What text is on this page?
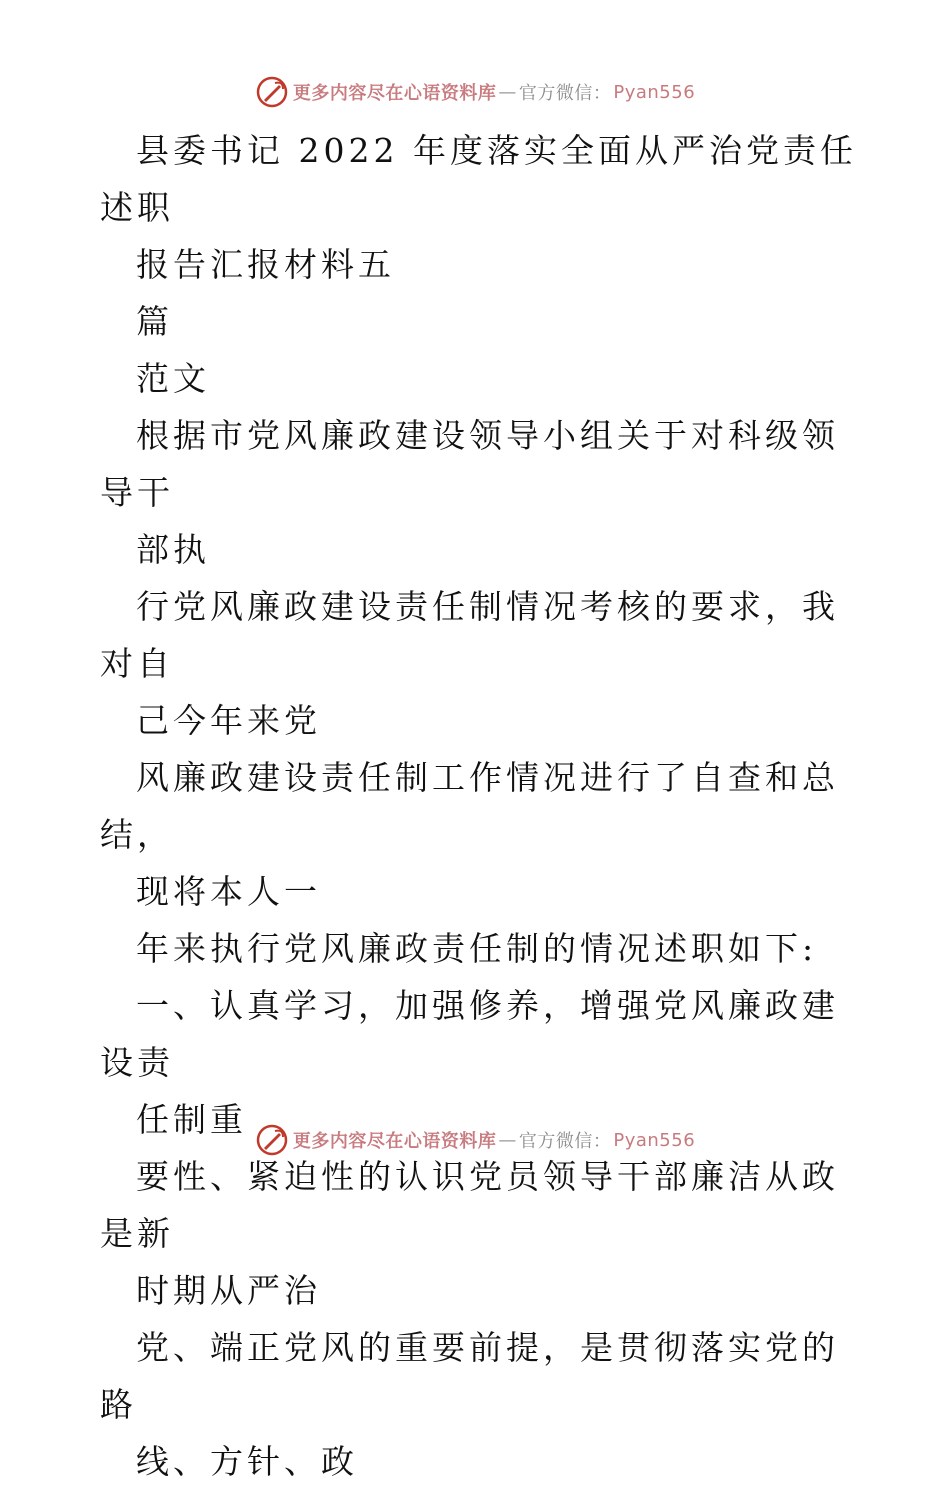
更多内容尽在心语资料库 — 官方微信： Pyan556

县委书记 2022 年度落实全面从严治党责任述职

报告汇报材料五

篇

范文

根据市党风廉政建设领导小组关于对科级领导干

部执

行党风廉政建设责任制情况考核的要求，我对自

己今年来党

风廉政建设责任制工作情况进行了自查和总结，

现将本人一

年来执行党风廉政责任制的情况述职如下:

一、认真学习，加强修养，增强党风廉政建设责

任制重

要性、紧迫性的认识党员领导干部廉洁从政是新

时期从严治

党、端正党风的重要前提，是贯彻落实党的路

线、方针、政

更多内容尽在心语资料库 — 官方微信： Pyan556
